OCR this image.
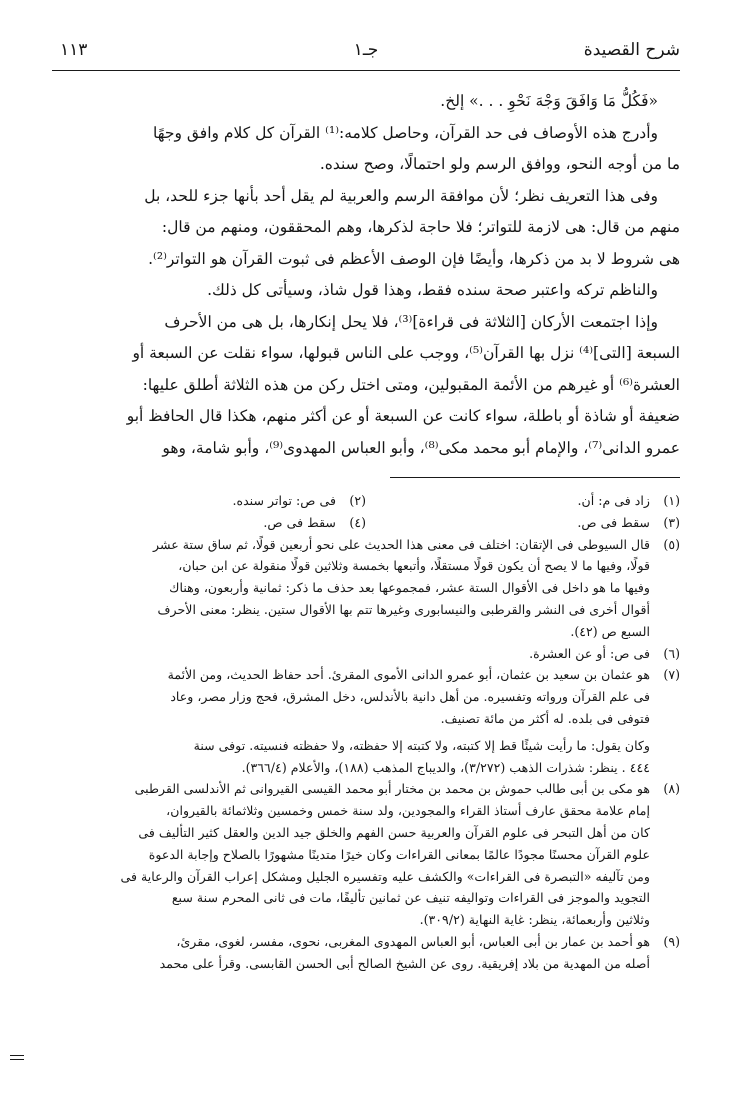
شرح القصيدة
جـ١
١١٣

«فَكُلُّ مَا وَافَقَ وَجْهَ نَحْوِ . . .» إلخ.

وأدرج هذه الأوصاف فى حد القرآن، وحاصل كلامه:⁽¹⁾ القرآن كل كلام وافق وجهًا

ما من أوجه النحو، ووافق الرسم ولو احتمالًا، وصح سنده.

وفى هذا التعريف نظر؛ لأن موافقة الرسم والعربية لم يقل أحد بأنها جزء للحد، بل

منهم من قال: هى لازمة للتواتر؛ فلا حاجة لذكرها، وهم المحققون، ومنهم من قال:

هى شروط لا بد من ذكرها، وأيضًا فإن الوصف الأعظم فى ثبوت القرآن هو التواتر⁽²⁾.

والناظم تركه واعتبر صحة سنده فقط، وهذا قول شاذ، وسيأتى كل ذلك.

وإذا اجتمعت الأركان [الثلاثة فى قراءة]⁽³⁾، فلا يحل إنكارها، بل هى من الأحرف

السبعة [التى]⁽⁴⁾ نزل بها القرآن⁽⁵⁾، ووجب على الناس قبولها، سواء نقلت عن السبعة أو

العشرة⁽⁶⁾ أو غيرهم من الأئمة المقبولين، ومتى اختل ركن من هذه الثلاثة أطلق عليها:

ضعيفة أو شاذة أو باطلة، سواء كانت عن السبعة أو عن أكثر منهم، هكذا قال الحافظ أبو

عمرو الدانى⁽⁷⁾، والإمام أبو محمد مكى⁽⁸⁾، وأبو العباس المهدوى⁽⁹⁾، وأبو شامة، وهو

(١)
زاد فى م: أن.
(٢)
فى ص: تواتر سنده.
(٣)
سقط فى ص.
(٤)
سقط فى ص.
(٥)
قال السيوطى فى الإتقان: اختلف فى معنى هذا الحديث على نحو أربعين قولًا، ثم ساق ستة عشر
قولًا، وفيها ما لا يصح أن يكون قولًا مستقلًا، وأتبعها بخمسة وثلاثين قولًا منقولة عن ابن حبان،
وفيها ما هو داخل فى الأقوال الستة عشر، فمجموعها بعد حذف ما ذكر: ثمانية وأربعون، وهناك
أقوال أخرى فى النشر والقرطبى والنيسابورى وغيرها تتم بها الأقوال ستين. ينظر: معنى الأحرف
السبع ص (٤٢).
(٦)
فى ص: أو عن العشرة.
(٧)
هو عثمان بن سعيد بن عثمان، أبو عمرو الدانى الأموى المقرئ. أحد حفاظ الحديث، ومن الأئمة
فى علم القرآن ورواته وتفسيره. من أهل دانية بالأندلس، دخل المشرق، فحج وزار مصر، وعاد
فتوفى فى بلده. له أكثر من مائة تصنيف.
وكان يقول: ما رأيت شيئًا قط إلا كتبته، ولا كتبته إلا حفظته، ولا حفظته فنسيته. توفى سنة
٤٤٤ . ينظر: شذرات الذهب (٣/٢٧٢)، والديباج المذهب (١٨٨)، والأعلام (٣٦٦/٤).
(٨)
هو مكى بن أبى طالب حموش بن محمد بن مختار أبو محمد القيسى القيروانى ثم الأندلسى القرطبى
إمام علامة محقق عارف أستاذ القراء والمجودين، ولد سنة خمس وخمسين وثلاثمائة بالقيروان،
كان من أهل التبحر فى علوم القرآن والعربية حسن الفهم والخلق جيد الدين والعقل كثير التأليف فى
علوم القرآن محسنًا مجودًا عالمًا بمعانى القراءات وكان خيرًا متدينًا مشهورًا بالصلاح وإجابة الدعوة
ومن تآليفه «التبصرة فى القراءات» والكشف عليه وتفسيره الجليل ومشكل إعراب القرآن والرعاية فى
التجويد والموجز فى القراءات وتواليفه تنيف عن ثمانين تأليفًا، مات فى ثانى المحرم سنة سبع
وثلاثين وأربعمائة، ينظر: غاية النهاية (٣٠٩/٢).
(٩)
هو أحمد بن عمار بن أبى العباس، أبو العباس المهدوى المغربى، نحوى، مفسر، لغوى، مقرئ،
أصله من المهدية من بلاد إفريقية. روى عن الشيخ الصالح أبى الحسن القابسى. وقرأ على محمد
